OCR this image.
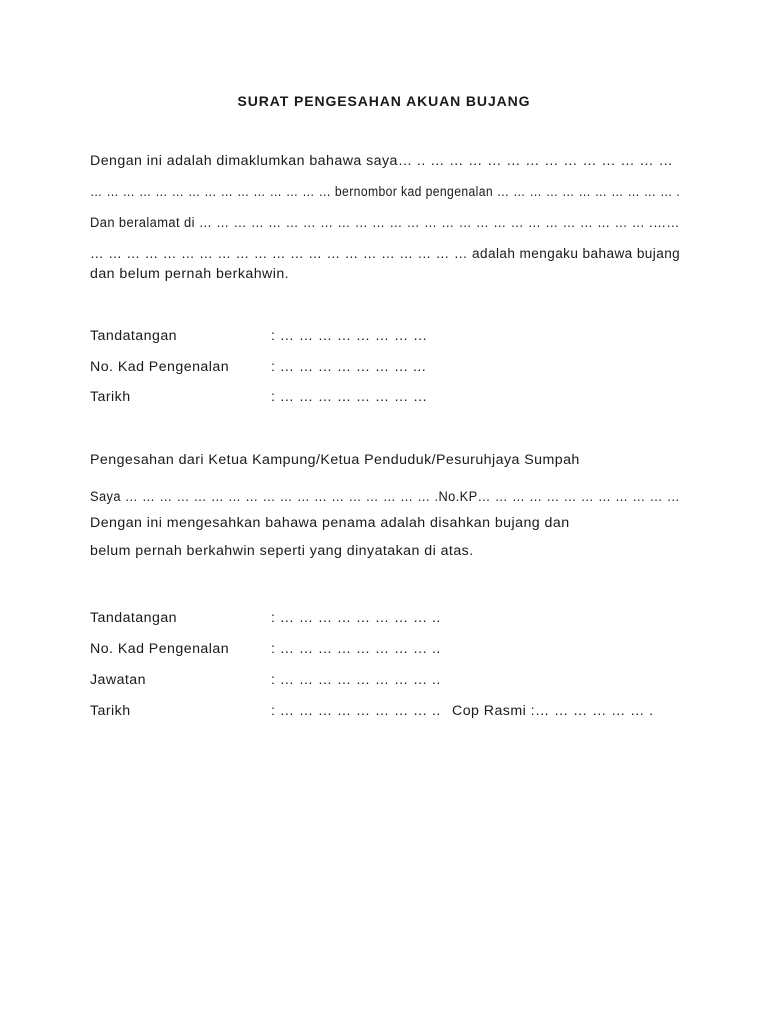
SURAT PENGESAHAN AKUAN BUJANG
Dengan ini adalah dimaklumkan bahawa saya… .. … … … … … … … … … … … … …
… … … … … … … … … … … … … … … bernombor kad pengenalan … … … … … … … … … … … .
Dan beralamat di … … … … … … … … … … … … … … … … … … … … … … … … … … .……
… … … … … … … … … … … … … … … … … … … … … adalah mengaku bahawa bujang
dan belum pernah berkahwin.
Tandatangan	: … … … … … … … …
No. Kad Pengenalan	: … … … … … … … ...
Tarikh	: … … … … … … … …
Pengesahan dari Ketua Kampung/Ketua Penduduk/Pesuruhjaya Sumpah
Saya … … … … … … … … … … … … … … … … … … .No.KP… … … … … … … … … … … …
Dengan ini mengesahkan bahawa penama adalah disahkan bujang dan
belum pernah berkahwin seperti yang dinyatakan di atas.
Tandatangan	: … … … … … … … … ..
No. Kad Pengenalan	: … … … … … … … … ..
Jawatan	: … … … … … … … … ..
Tarikh	: … … … … … … … … .. Cop Rasmi :… … … … … … .
